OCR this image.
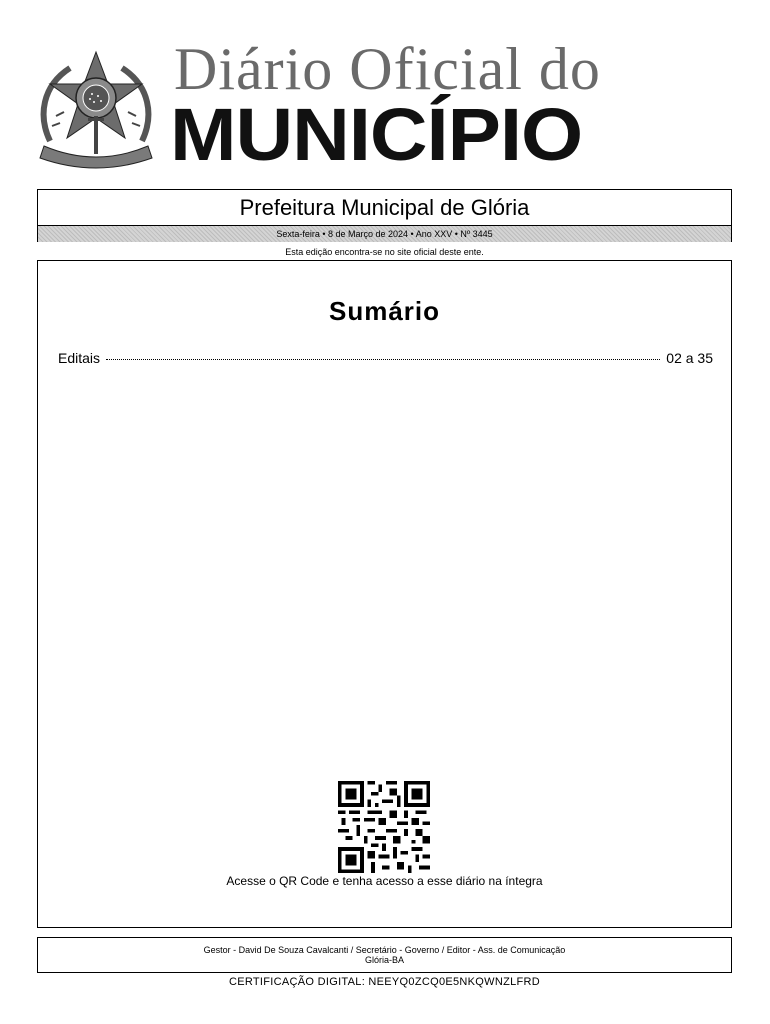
Diário Oficial do
MUNICÍPIO
Prefeitura Municipal de Glória
Sexta-feira • 8 de Março de 2024 • Ano XXV • Nº 3445
Esta edição encontra-se no site oficial deste ente.
Sumário
Editais	02 a 35
Acesse o QR Code e tenha acesso a esse diário na íntegra
Gestor - David De Souza Cavalcanti / Secretário - Governo / Editor - Ass. de Comunicação
Glória-BA
CERTIFICAÇÃO DIGITAL: NEEYQ0ZCQ0E5NKQWNZLFRD
